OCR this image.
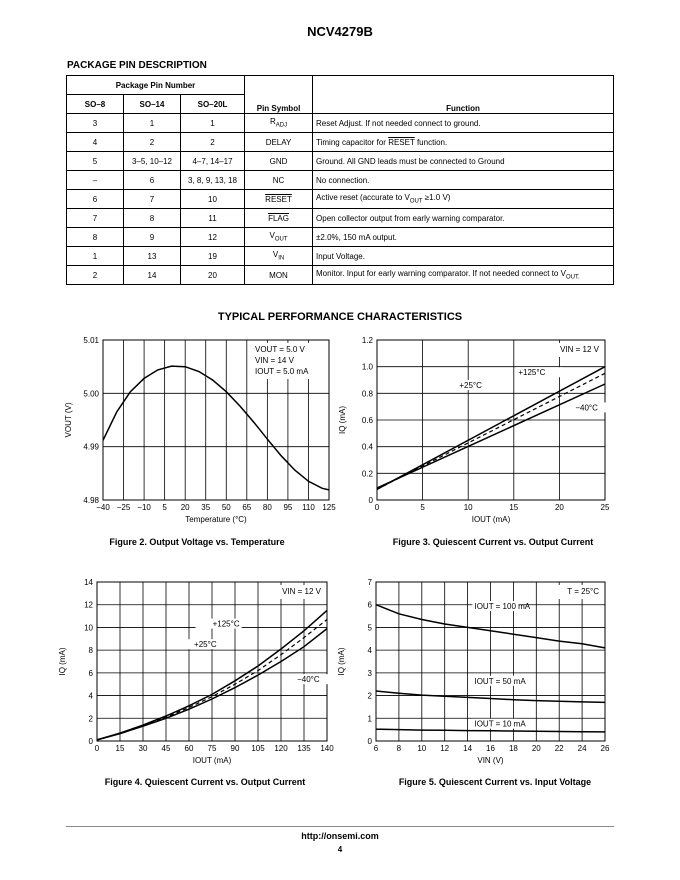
NCV4279B
PACKAGE PIN DESCRIPTION
Package Pin Number			Pin Symbol	Function
SO–8	SO–14	SO–20L		
3	1	1	$R_{ADJ}$	Reset Adjust. If not needed connect to ground.
4	2	2	DELAY	Timing capacitor for RESET function.
5	3–5, 10–12	4–7, 14–17	GND	Ground. All GND leads must be connected to Ground
–	6	3, 8, 9, 13, 18	NC	No connection.
6	7	10	RESET	Active reset (accurate to $V_{OUT} \ge 1.0$ V)
7	8	11	FLAG	Open collector output from early warning comparator.
8	9	12	$V_{OUT}$	±2.0%, 150 mA output.
1	13	19	$V_{IN}$	Input Voltage.
2	14	20	MON	Monitor. Input for early warning comparator. If not needed connect to $V_{OUT.}$
TYPICAL PERFORMANCE CHARACTERISTICS
−40 −25 −10 5 20 35 50 65 80 95 110 125
4.98
4.99
5.00
5.01
Temperature (°C)
VOUT (V)
VOUT = 5.0 V
VIN = 14 V
IOUT = 5.0 mA
0	5	10	15	20	25
0
0.2
0.4
0.6
0.8
1.0
1.2
IOUT (mA)
IQ (mA)
VIN = 12 V
+125°C
+25°C
−40°C
0 15 30 45 60 75 90 105 120 135 140
0
2
4
6
8
10
12
14
IOUT (mA)
IQ (mA)
VIN = 12 V
+125°C
+25°C
−40°C
6 8 10 12 14 16 18 20 22 24 26
0
1
2
3
4
5
6
7
VIN (V)
IQ (mA)
T = 25°C
IOUT = 100 mA
IOUT = 50 mA
IOUT = 10 mA
Figure 2. Output Voltage vs. Temperature	Figure 3. Quiescent Current vs. Output Current
Figure 4. Quiescent Current vs. Output Current	Figure 5. Quiescent Current vs. Input Voltage
http://onsemi.com
4
